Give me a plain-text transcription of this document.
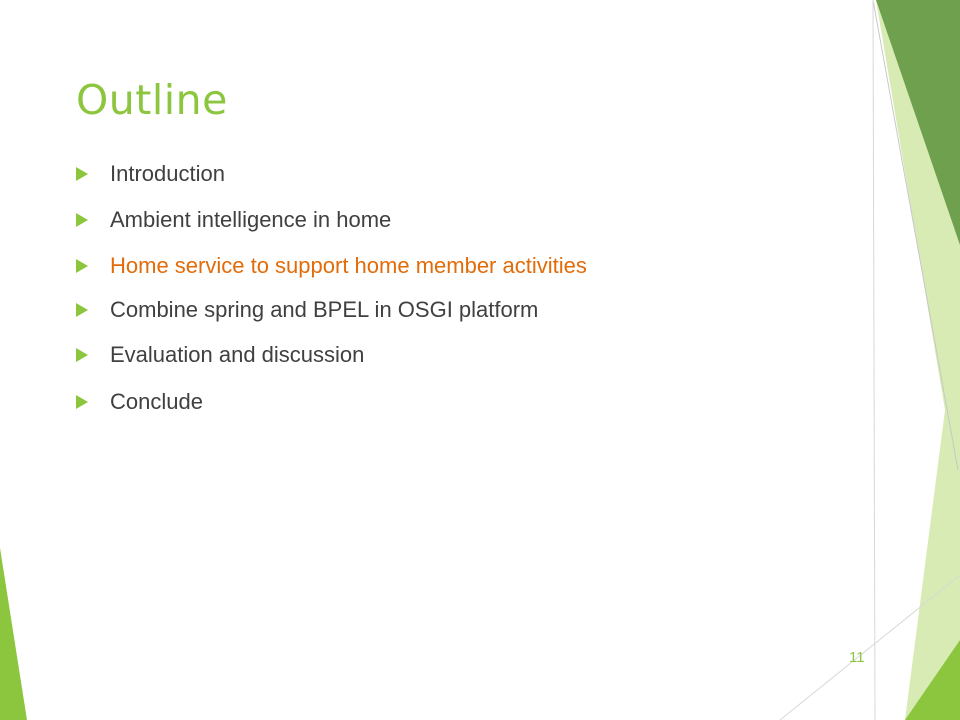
Outline
Introduction
Ambient intelligence in home
Home service to support home member activities
Combine spring and BPEL in OSGI platform
Evaluation and discussion
Conclude
11
